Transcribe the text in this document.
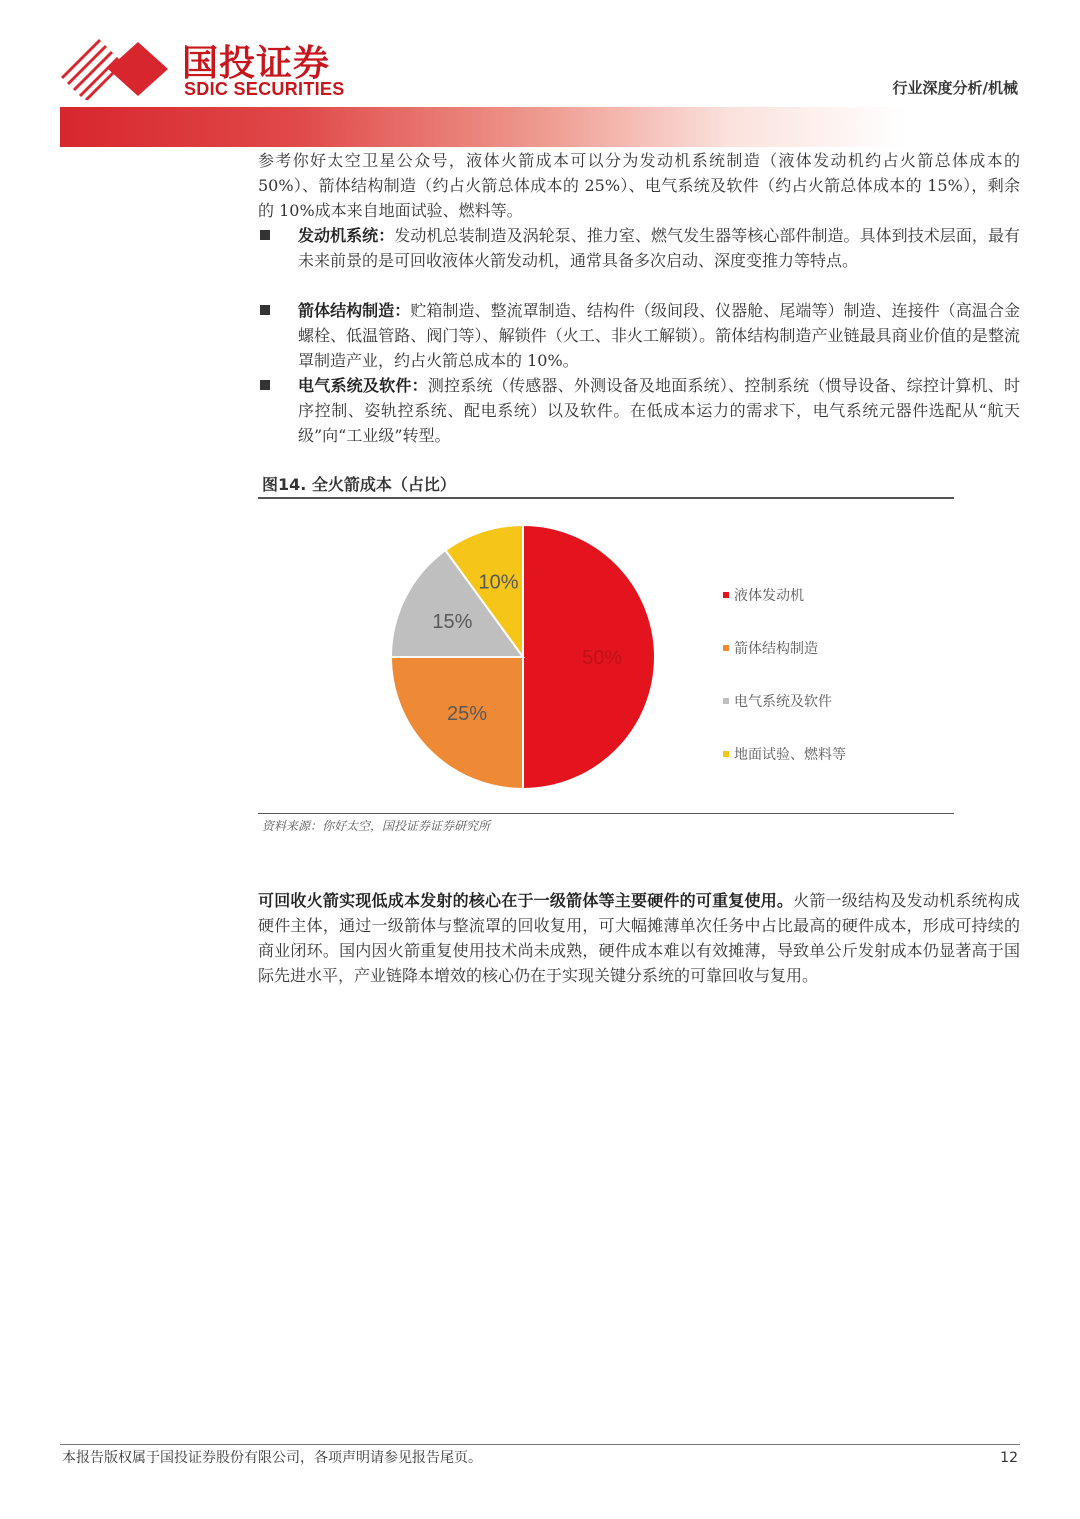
国投证券
SDIC SECURITIES	行业深度分析/机械
参考你好太空卫星公众号，液体火箭成本可以分为发动机系统制造（液体发动机约占火箭总体成本的 50%）、箭体结构制造（约占火箭总体成本的 25%）、电气系统及软件（约占火箭总体成本的 15%），剩余的 10%成本来自地面试验、燃料等。
发动机系统：发动机总装制造及涡轮泵、推力室、燃气发生器等核心部件制造。具体到技术层面，最有未来前景的是可回收液体火箭发动机，通常具备多次启动、深度变推力等特点。
箭体结构制造：贮箱制造、整流罩制造、结构件（级间段、仪器舱、尾端等）制造、连接件（高温合金螺栓、低温管路、阀门等）、解锁件（火工、非火工解锁）。箭体结构制造产业链最具商业价值的是整流罩制造产业，约占火箭总成本的 10%。
电气系统及软件：测控系统（传感器、外测设备及地面系统）、控制系统（惯导设备、综控计算机、时序控制、姿轨控系统、配电系统）以及软件。在低成本运力的需求下，电气系统元器件选配从“航天级”向“工业级”转型。
图14. 全火箭成本（占比）
50%
液体发动机
25%
箭体结构制造
15%
电气系统及软件
10%
地面试验、燃料等
资料来源：你好太空，国投证券证券研究所
可回收火箭实现低成本发射的核心在于一级箭体等主要硬件的可重复使用。火箭一级结构及发动机系统构成硬件主体，通过一级箭体与整流罩的回收复用，可大幅摊薄单次任务中占比最高的硬件成本，形成可持续的商业闭环。国内因火箭重复使用技术尚未成熟，硬件成本难以有效摊薄，导致单公斤发射成本仍显著高于国际先进水平，产业链降本增效的核心仍在于实现关键分系统的可靠回收与复用。
本报告版权属于国投证券股份有限公司，各项声明请参见报告尾页。	12
